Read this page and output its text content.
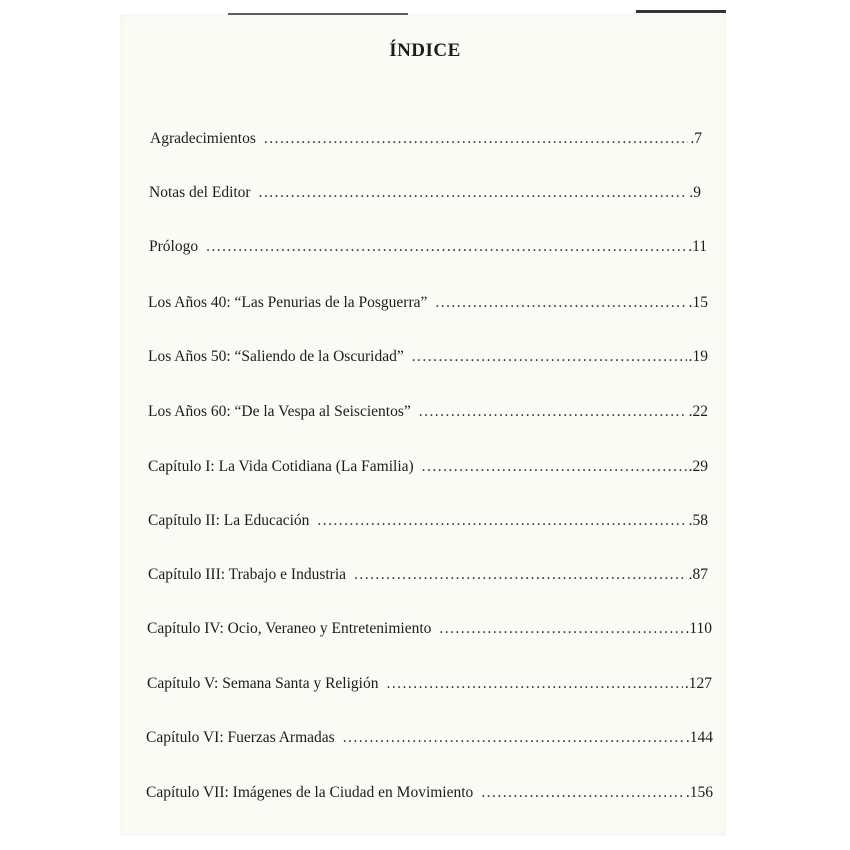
ÍNDICE
Agradecimientos . . .	.7
Notas del Editor . . .	.9
Prólogo . . .	.11
Los Años 40: “Las Penurias de la Posguerra” . . .	.15
Los Años 50: “Saliendo de la Oscuridad” . . .	.19
Los Años 60: “De la Vespa al Seiscientos” . . .	.22
Capítulo I: La Vida Cotidiana (La Familia) . . .	.29
Capítulo II: La Educación . . .	.58
Capítulo III: Trabajo e Industria . . .	.87
Capítulo IV: Ocio, Veraneo y Entretenimiento . . .	.110
Capítulo V: Semana Santa y Religión . . .	.127
Capítulo VI: Fuerzas Armadas . . .	.144
Capítulo VII: Imágenes de la Ciudad en Movimiento . . .	.156
